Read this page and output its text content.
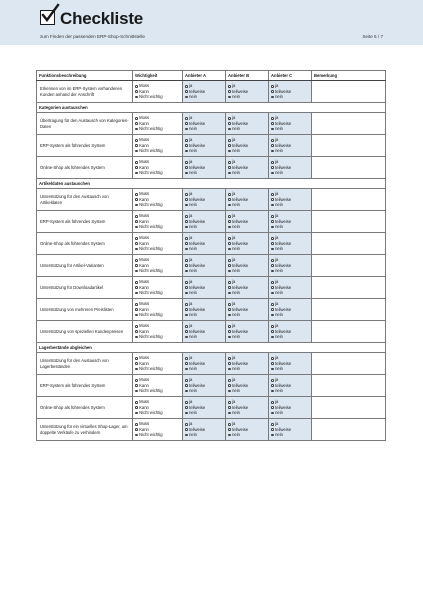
Checkliste
zum Finden der passenden ERP-Shop-Schnittstelle	Seite 5 / 7
Funktionsbeschreibung	Wichtigkeit	Anbieter A	Anbieter B	Anbieter C	Bemerkung
Erkennen von im ERP-System vorhandenen Kunden anhand der Anschrift	Muss
Kann
Nicht wichtig	ja
teilweise
nein	ja
teilweise
nein	ja
teilweise
nein	

Kategorien austauschen					
Übertragung für den Austausch von Kategorien-Daten	Muss
Kann
Nicht wichtig	ja
teilweise
nein	ja
teilweise
nein	ja
teilweise
nein	

ERP-System als führendes System	Muss
Kann
Nicht wichtig	ja
teilweise
nein	ja
teilweise
nein	ja
teilweise
nein	

Online-Shop als führendes System	Muss
Kann
Nicht wichtig	ja
teilweise
nein	ja
teilweise
nein	ja
teilweise
nein	

Artikeldaten austauschen					
Unterstützung für den Austausch von Artikeldaten	Muss
Kann
Nicht wichtig	ja
teilweise
nein	ja
teilweise
nein	ja
teilweise
nein	

ERP-System als führendes System	Muss
Kann
Nicht wichtig	ja
teilweise
nein	ja
teilweise
nein	ja
teilweise
nein	

Online-Shop als führendes System	Muss
Kann
Nicht wichtig	ja
teilweise
nein	ja
teilweise
nein	ja
teilweise
nein	

Unterstützung für Artikel-Varianten	Muss
Kann
Nicht wichtig	ja
teilweise
nein	ja
teilweise
nein	ja
teilweise
nein	

Unterstützung für Downloadartikel	Muss
Kann
Nicht wichtig	ja
teilweise
nein	ja
teilweise
nein	ja
teilweise
nein	

Unterstützung von mehreren Preislisten	Muss
Kann
Nicht wichtig	ja
teilweise
nein	ja
teilweise
nein	ja
teilweise
nein	

Unterstützung von speziellen Kundenpreisen	Muss
Kann
Nicht wichtig	ja
teilweise
nein	ja
teilweise
nein	ja
teilweise
nein	

Lagerbestände abgleichen					
Unterstützung für den Austausch von Lagerbeständen	Muss
Kann
Nicht wichtig	ja
teilweise
nein	ja
teilweise
nein	ja
teilweise
nein	

ERP-System als führendes System	Muss
Kann
Nicht wichtig	ja
teilweise
nein	ja
teilweise
nein	ja
teilweise
nein	

Online-Shop als führendes System	Muss
Kann
Nicht wichtig	ja
teilweise
nein	ja
teilweise
nein	ja
teilweise
nein	

Unterstützung für ein virtuelles Shop-Lager, um doppelte Verkäufe zu verhindern	Muss
Kann
Nicht wichtig	ja
teilweise
nein	ja
teilweise
nein	ja
teilweise
nein	
